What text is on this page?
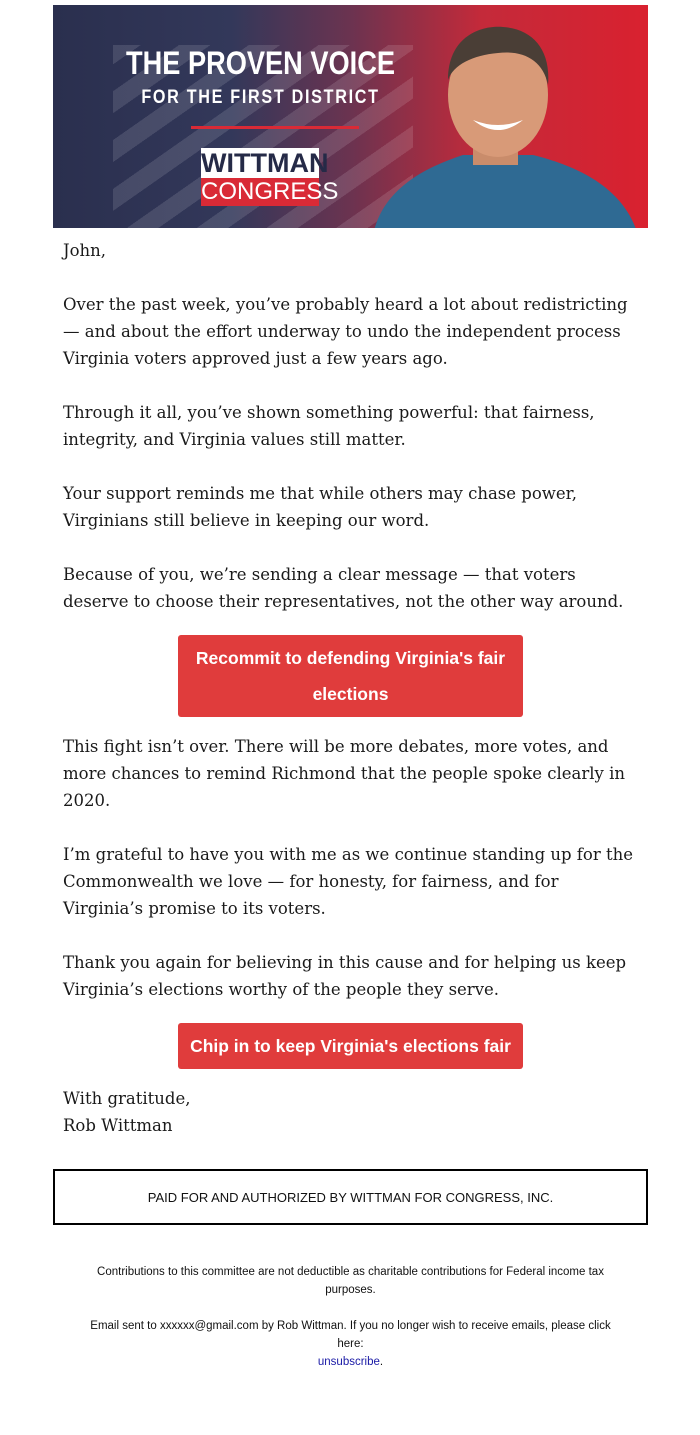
THE PROVEN VOICE
FOR THE FIRST DISTRICT
WITTMAN
CONGRESS

John,

Over the past week, you’ve probably heard a lot about redistricting — and about the effort underway to undo the independent process Virginia voters approved just a few years ago.

Through it all, you’ve shown something powerful: that fairness, integrity, and Virginia values still matter.

Your support reminds me that while others may chase power, Virginians still believe in keeping our word.

Because of you, we’re sending a clear message — that voters deserve to choose their representatives, not the other way around.

Recommit to defending Virginia's fair elections

This fight isn’t over. There will be more debates, more votes, and more chances to remind Richmond that the people spoke clearly in 2020.

I’m grateful to have you with me as we continue standing up for the Commonwealth we love — for honesty, for fairness, and for Virginia’s promise to its voters.

Thank you again for believing in this cause and for helping us keep Virginia’s elections worthy of the people they serve.

Chip in to keep Virginia's elections fair

With gratitude,
Rob Wittman

PAID FOR AND AUTHORIZED BY WITTMAN FOR CONGRESS, INC.

Contributions to this committee are not deductible as charitable contributions for Federal income tax purposes.

Email sent to xxxxxx@gmail.com by Rob Wittman. If you no longer wish to receive emails, please click here:
unsubscribe.
